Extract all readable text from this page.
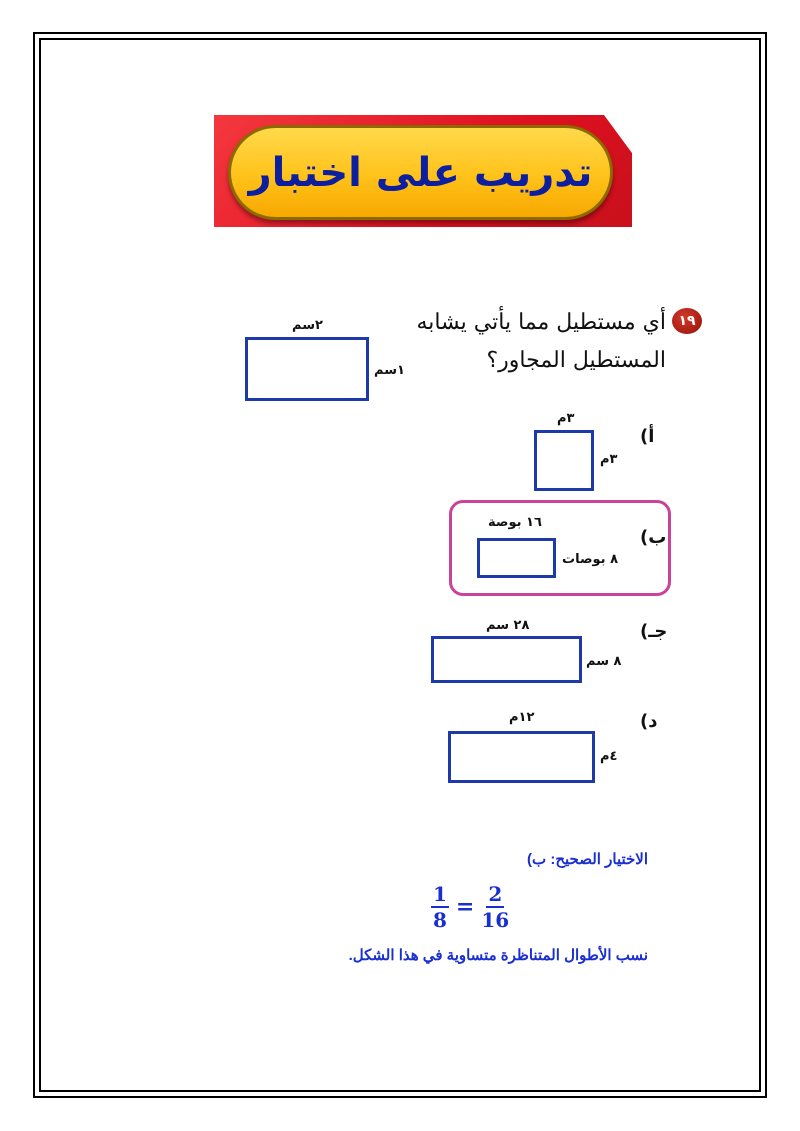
تدريب على اختبار
١٩
أي مستطيل مما يأتي يشابه المستطيل المجاور؟
٢سم
١سم
أ)
٣م
٣م
ب)
١٦ بوصة
٨ بوصات
جـ)
٢٨ سم
٨ سم
د)
١٢م
٤م
الاختيار الصحيح: ب)
$\frac{1}{8} = \frac{2}{16}$
نسب الأطوال المتناظرة متساوية في هذا الشكل.
